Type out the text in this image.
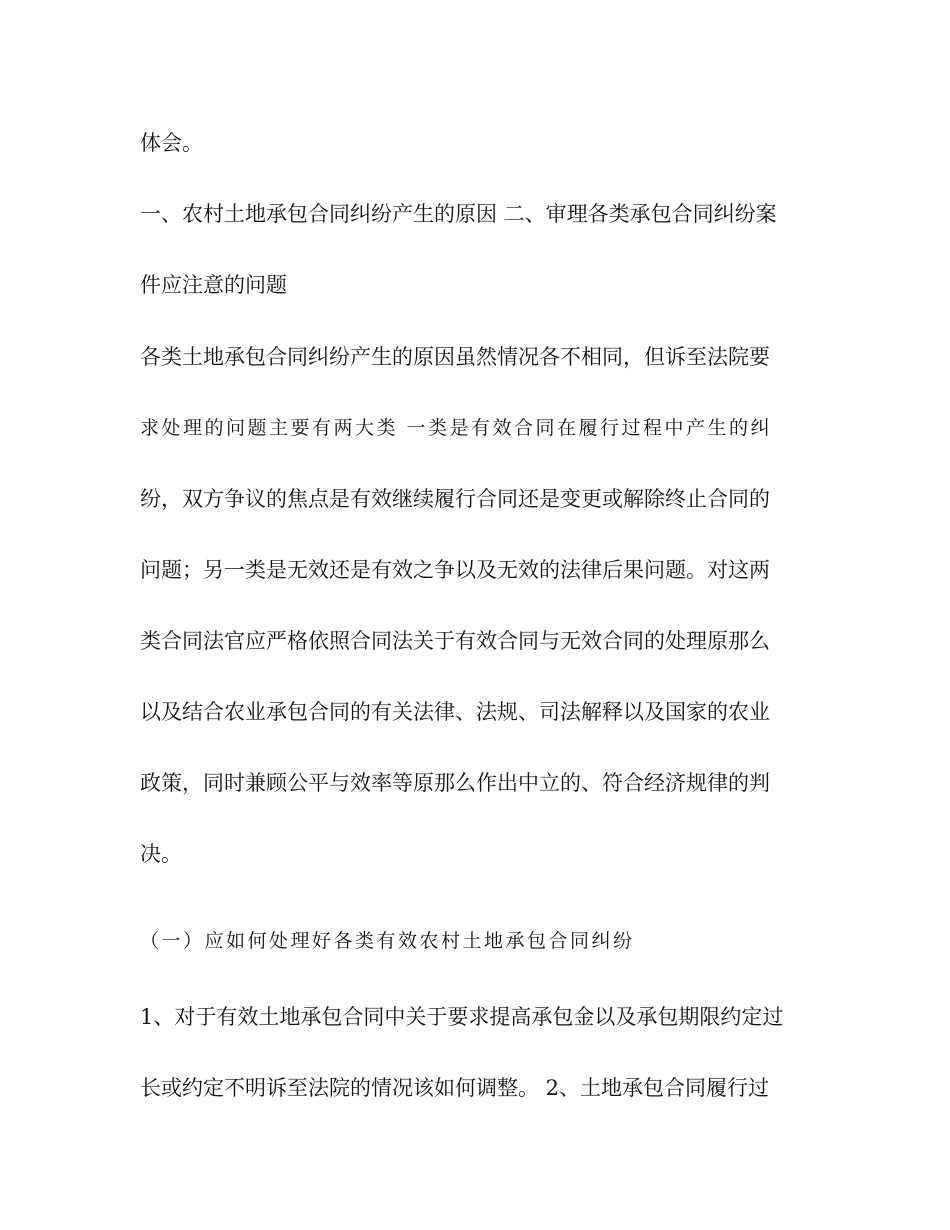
体会。
一、农村土地承包合同纠纷产生的原因 二、审理各类承包合同纠纷案
件应注意的问题
各类土地承包合同纠纷产生的原因虽然情况各不相同，但诉至法院要
求处理的问题主要有两大类 一类是有效合同在履行过程中产生的纠
纷，双方争议的焦点是有效继续履行合同还是变更或解除终止合同的
问题；另一类是无效还是有效之争以及无效的法律后果问题。对这两
类合同法官应严格依照合同法关于有效合同与无效合同的处理原那么
以及结合农业承包合同的有关法律、法规、司法解释以及国家的农业
政策，同时兼顾公平与效率等原那么作出中立的、符合经济规律的判
决。
（一）应如何处理好各类有效农村土地承包合同纠纷
1、对于有效土地承包合同中关于要求提高承包金以及承包期限约定过
长或约定不明诉至法院的情况该如何调整。 2、土地承包合同履行过
